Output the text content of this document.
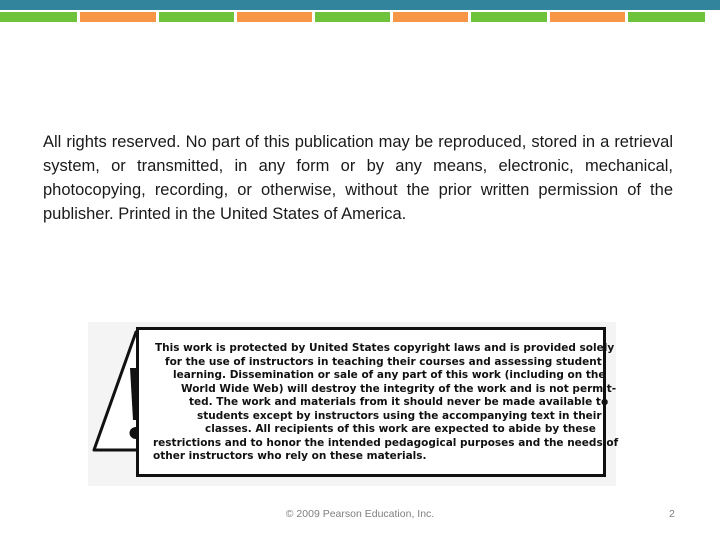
All rights reserved. No part of this publication may be reproduced, stored in a retrieval system, or transmitted, in any form or by any means, electronic, mechanical, photocopying, recording, or otherwise, without the prior written permission of the publisher. Printed in the United States of America.
This work is protected by United States copyright laws and is provided solely
for the use of instructors in teaching their courses and assessing student
learning. Dissemination or sale of any part of this work (including on the
World Wide Web) will destroy the integrity of the work and is not permit-
ted. The work and materials from it should never be made available to
students except by instructors using the accompanying text in their
classes. All recipients of this work are expected to abide by these
restrictions and to honor the intended pedagogical purposes and the needs of
other instructors who rely on these materials.
© 2009 Pearson Education, Inc.	2
